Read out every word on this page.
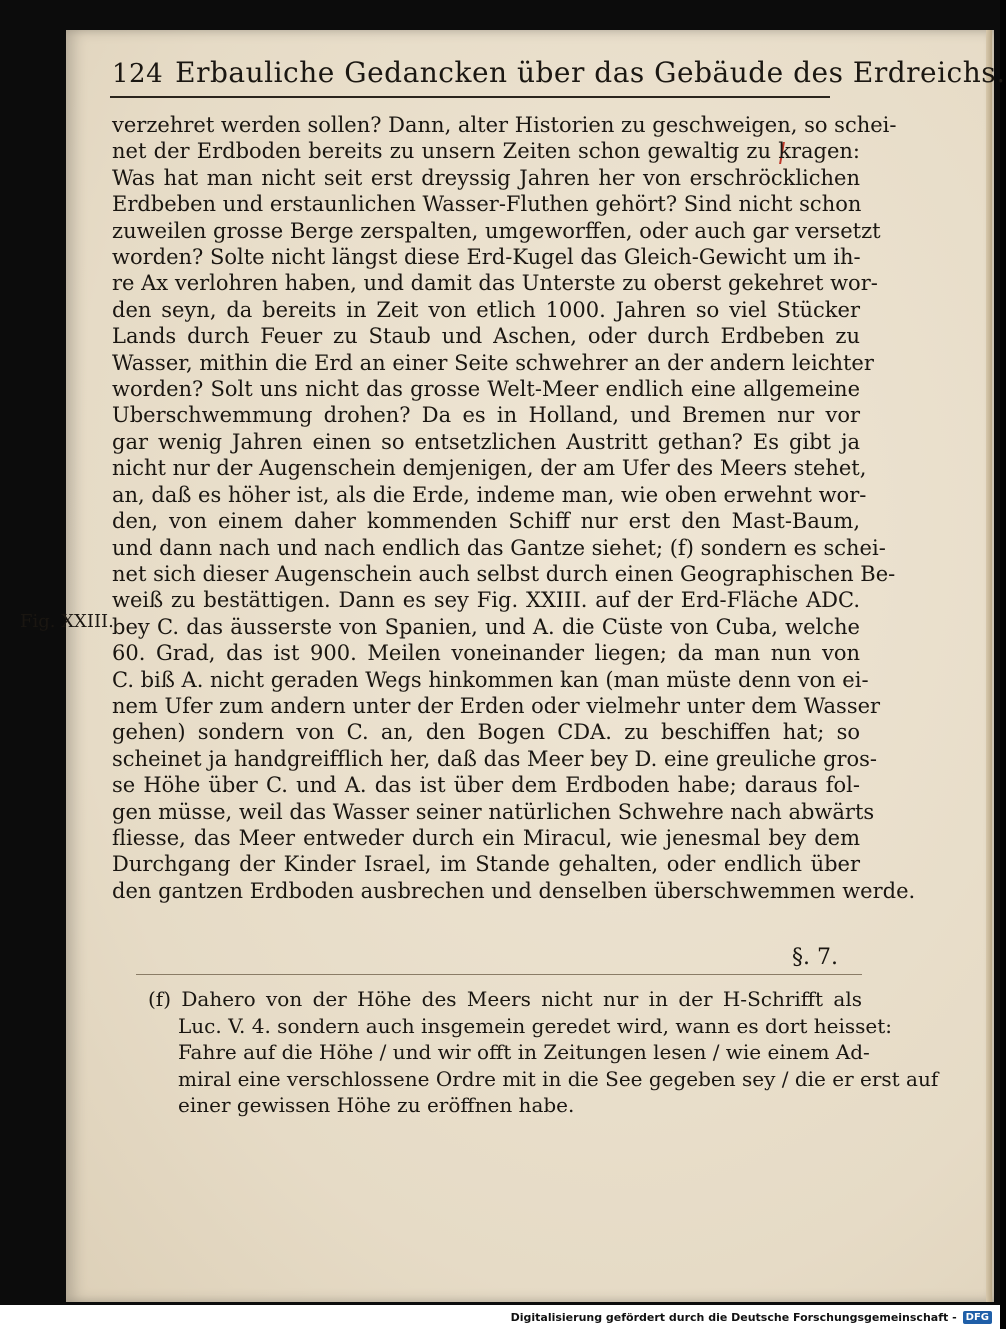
124 Erbauliche Gedancken über das Gebäude des Erdreichs.
verzehret werden sollen? Dann, alter Historien zu geschweigen, so schei-
net der Erdboden bereits zu unsern Zeiten schon gewaltig zu kragen:
Was hat man nicht seit erst dreyssig Jahren her von erschröcklichen
Erdbeben und erstaunlichen Wasser-Fluthen gehört? Sind nicht schon
zuweilen grosse Berge zerspalten, umgeworffen, oder auch gar versetzt
worden? Solte nicht längst diese Erd-Kugel das Gleich-Gewicht um ih-
re Ax verlohren haben, und damit das Unterste zu oberst gekehret wor-
den seyn, da bereits in Zeit von etlich 1000. Jahren so viel Stücker
Lands durch Feuer zu Staub und Aschen, oder durch Erdbeben zu
Wasser, mithin die Erd an einer Seite schwehrer an der andern leichter
worden? Solt uns nicht das grosse Welt-Meer endlich eine allgemeine
Uberschwemmung drohen? Da es in Holland, und Bremen nur vor
gar wenig Jahren einen so entsetzlichen Austritt gethan? Es gibt ja
nicht nur der Augenschein demjenigen, der am Ufer des Meers stehet,
an, daß es höher ist, als die Erde, indeme man, wie oben erwehnt wor-
den, von einem daher kommenden Schiff nur erst den Mast-Baum,
und dann nach und nach endlich das Gantze siehet; (f) sondern es schei-
net sich dieser Augenschein auch selbst durch einen Geographischen Be-
weiß zu bestättigen. Dann es sey Fig. XXIII. auf der Erd-Fläche ADC.
bey C. das äusserste von Spanien, und A. die Cüste von Cuba, welche
60. Grad, das ist 900. Meilen voneinander liegen; da man nun von
C. biß A. nicht geraden Wegs hinkommen kan (man müste denn von ei-
nem Ufer zum andern unter der Erden oder vielmehr unter dem Wasser
gehen) sondern von C. an, den Bogen CDA. zu beschiffen hat; so
scheinet ja handgreifflich her, daß das Meer bey D. eine greuliche gros-
se Höhe über C. und A. das ist über dem Erdboden habe; daraus fol-
gen müsse, weil das Wasser seiner natürlichen Schwehre nach abwärts
fliesse, das Meer entweder durch ein Miracul, wie jenesmal bey dem
Durchgang der Kinder Israel, im Stande gehalten, oder endlich über
den gantzen Erdboden ausbrechen und denselben überschwemmen werde.
Fig. XXIII.
§. 7.
(f) Dahero von der Höhe des Meers nicht nur in der H-Schrifft als
Luc. V. 4. sondern auch insgemein geredet wird, wann es dort heisset:
Fahre auf die Höhe / und wir offt in Zeitungen lesen / wie einem Ad-
miral eine verschlossene Ordre mit in die See gegeben sey / die er erst auf
einer gewissen Höhe zu eröffnen habe.
Digitalisierung gefördert durch die Deutsche Forschungsgemeinschaft - DFG
